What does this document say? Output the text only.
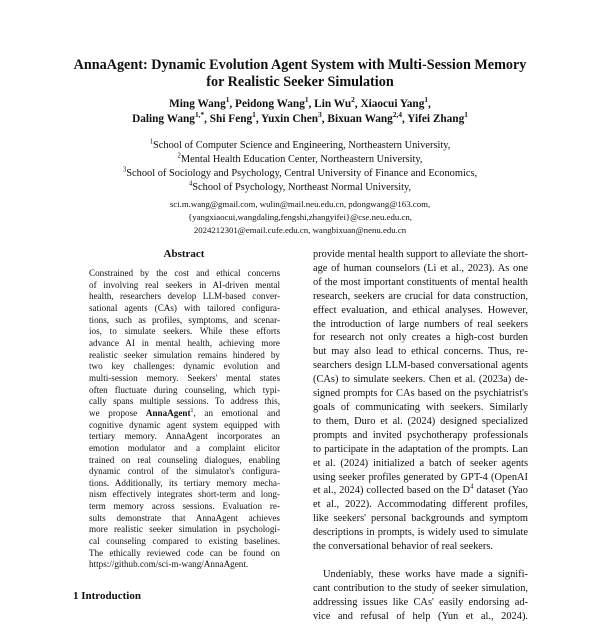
AnnaAgent: Dynamic Evolution Agent System with Multi-Session Memory
for Realistic Seeker Simulation
Ming Wang$^1$, Peidong Wang$^1$, Lin Wu$^2$, Xiaocui Yang$^1$,
Daling Wang$^{1,*}$, Shi Feng$^1$, Yuxin Chen$^3$, Bixuan Wang$^{2,4}$, Yifei Zhang$^1$
$^1$School of Computer Science and Engineering, Northeastern University,
$^2$Mental Health Education Center, Northeastern University,
$^3$School of Sociology and Psychology, Central University of Finance and Economics,
$^4$School of Psychology, Northeast Normal University,
sci.m.wang@gmail.com, wulin@mail.neu.edu.cn, pdongwang@163.com,
{yangxiaocui,wangdaling,fengshi,zhangyifei}@cse.neu.edu.cn,
2024212301@email.cufe.edu.cn, wangbixuan@nenu.edu.cn
Abstract
Constrained by the cost and ethical concerns
of involving real seekers in AI-driven mental
health, researchers develop LLM-based conver-
sational agents (CAs) with tailored configura-
tions, such as profiles, symptoms, and scenar-
ios, to simulate seekers. While these efforts
advance AI in mental health, achieving more
realistic seeker simulation remains hindered by
two key challenges: dynamic evolution and
multi-session memory. Seekers' mental states
often fluctuate during counseling, which typi-
cally spans multiple sessions. To address this,
we propose AnnaAgent$^1$, an emotional and
cognitive dynamic agent system equipped with
tertiary memory. AnnaAgent incorporates an
emotion modulator and a complaint elicitor
trained on real counseling dialogues, enabling
dynamic control of the simulator's configura-
tions. Additionally, its tertiary memory mecha-
nism effectively integrates short-term and long-
term memory across sessions. Evaluation re-
sults demonstrate that AnnaAgent achieves
more realistic seeker simulation in psychologi-
cal counseling compared to existing baselines.
The ethically reviewed code can be found on
https://github.com/sci-m-wang/AnnaAgent.
1 Introduction
provide mental health support to alleviate the short-
age of human counselors (Li et al., 2023). As one
of the most important constituents of mental health
research, seekers are crucial for data construction,
effect evaluation, and ethical analyses. However,
the introduction of large numbers of real seekers
for research not only creates a high-cost burden
but may also lead to ethical concerns. Thus, re-
searchers design LLM-based conversational agents
(CAs) to simulate seekers. Chen et al. (2023a) de-
signed prompts for CAs based on the psychiatrist's
goals of communicating with seekers. Similarly
to them, Duro et al. (2024) designed specialized
prompts and invited psychotherapy professionals
to participate in the adaptation of the prompts. Lan
et al. (2024) initialized a batch of seeker agents
using seeker profiles generated by GPT-4 (OpenAI
et al., 2024) collected based on the $D^4$ dataset (Yao
et al., 2022). Accommodating different profiles,
like seekers' personal backgrounds and symptom
descriptions in prompts, is widely used to simulate
the conversational behavior of real seekers.
Undeniably, these works have made a signifi-
cant contribution to the study of seeker simulation,
addressing issues like CAs' easily endorsing ad-
vice and refusal of help (Yun et al., 2024).
